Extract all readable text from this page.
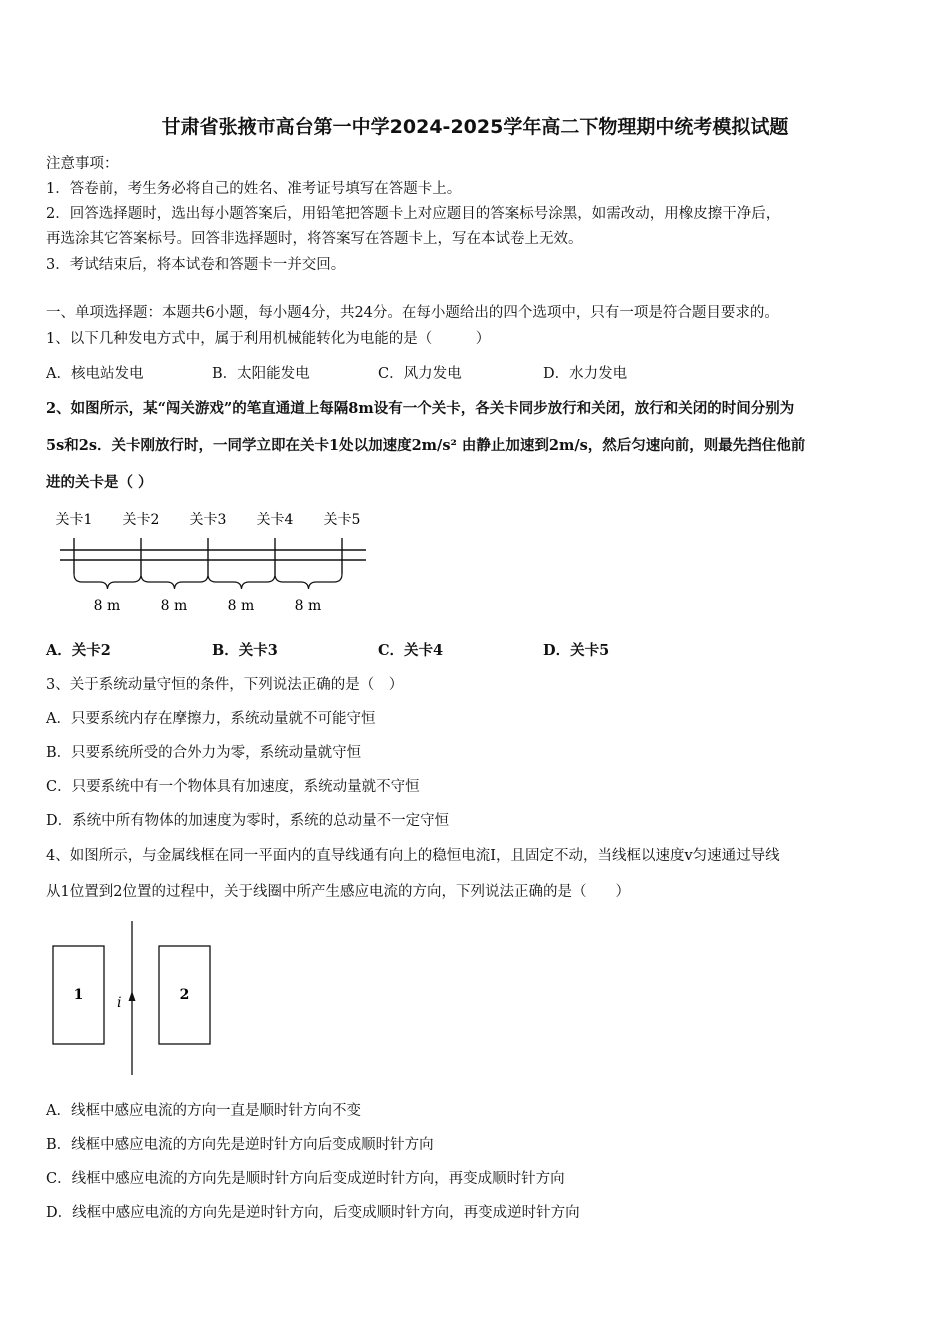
甘肃省张掖市高台第一中学2024-2025学年高二下物理期中统考模拟试题
注意事项：
1．答卷前，考生务必将自己的姓名、准考证号填写在答题卡上。
2．回答选择题时，选出每小题答案后，用铅笔把答题卡上对应题目的答案标号涂黑，如需改动，用橡皮擦干净后，
再选涂其它答案标号。回答非选择题时，将答案写在答题卡上，写在本试卷上无效。
3．考试结束后，将本试卷和答题卡一并交回。
一、单项选择题：本题共6小题，每小题4分，共24分。在每小题给出的四个选项中，只有一项是符合题目要求的。
1、以下几种发电方式中，属于利用机械能转化为电能的是（　　　）
A．核电站发电	B．太阳能发电	C．风力发电	D．水力发电
2、如图所示，某“闯关游戏”的笔直通道上每隔8m设有一个关卡，各关卡同步放行和关闭，放行和关闭的时间分别为
5s和2s．关卡刚放行时，一同学立即在关卡1处以加速度2m/s² 由静止加速到2m/s，然后匀速向前，则最先挡住他前
进的关卡是（ ）
关卡1 关卡2 关卡3 关卡4 关卡5
8 m	8 m	8 m	8 m
A．关卡2	B．关卡3	C．关卡4	D．关卡5
3、关于系统动量守恒的条件，下列说法正确的是（　）
A．只要系统内存在摩擦力，系统动量就不可能守恒
B．只要系统所受的合外力为零，系统动量就守恒
C．只要系统中有一个物体具有加速度，系统动量就不守恒
D．系统中所有物体的加速度为零时，系统的总动量不一定守恒
4、如图所示，与金属线框在同一平面内的直导线通有向上的稳恒电流I，且固定不动，当线框以速度v匀速通过导线
从1位置到2位置的过程中，关于线圈中所产生感应电流的方向，下列说法正确的是（　　）
1 i	2
A．线框中感应电流的方向一直是顺时针方向不变
B．线框中感应电流的方向先是逆时针方向后变成顺时针方向
C．线框中感应电流的方向先是顺时针方向后变成逆时针方向，再变成顺时针方向
D．线框中感应电流的方向先是逆时针方向，后变成顺时针方向，再变成逆时针方向
